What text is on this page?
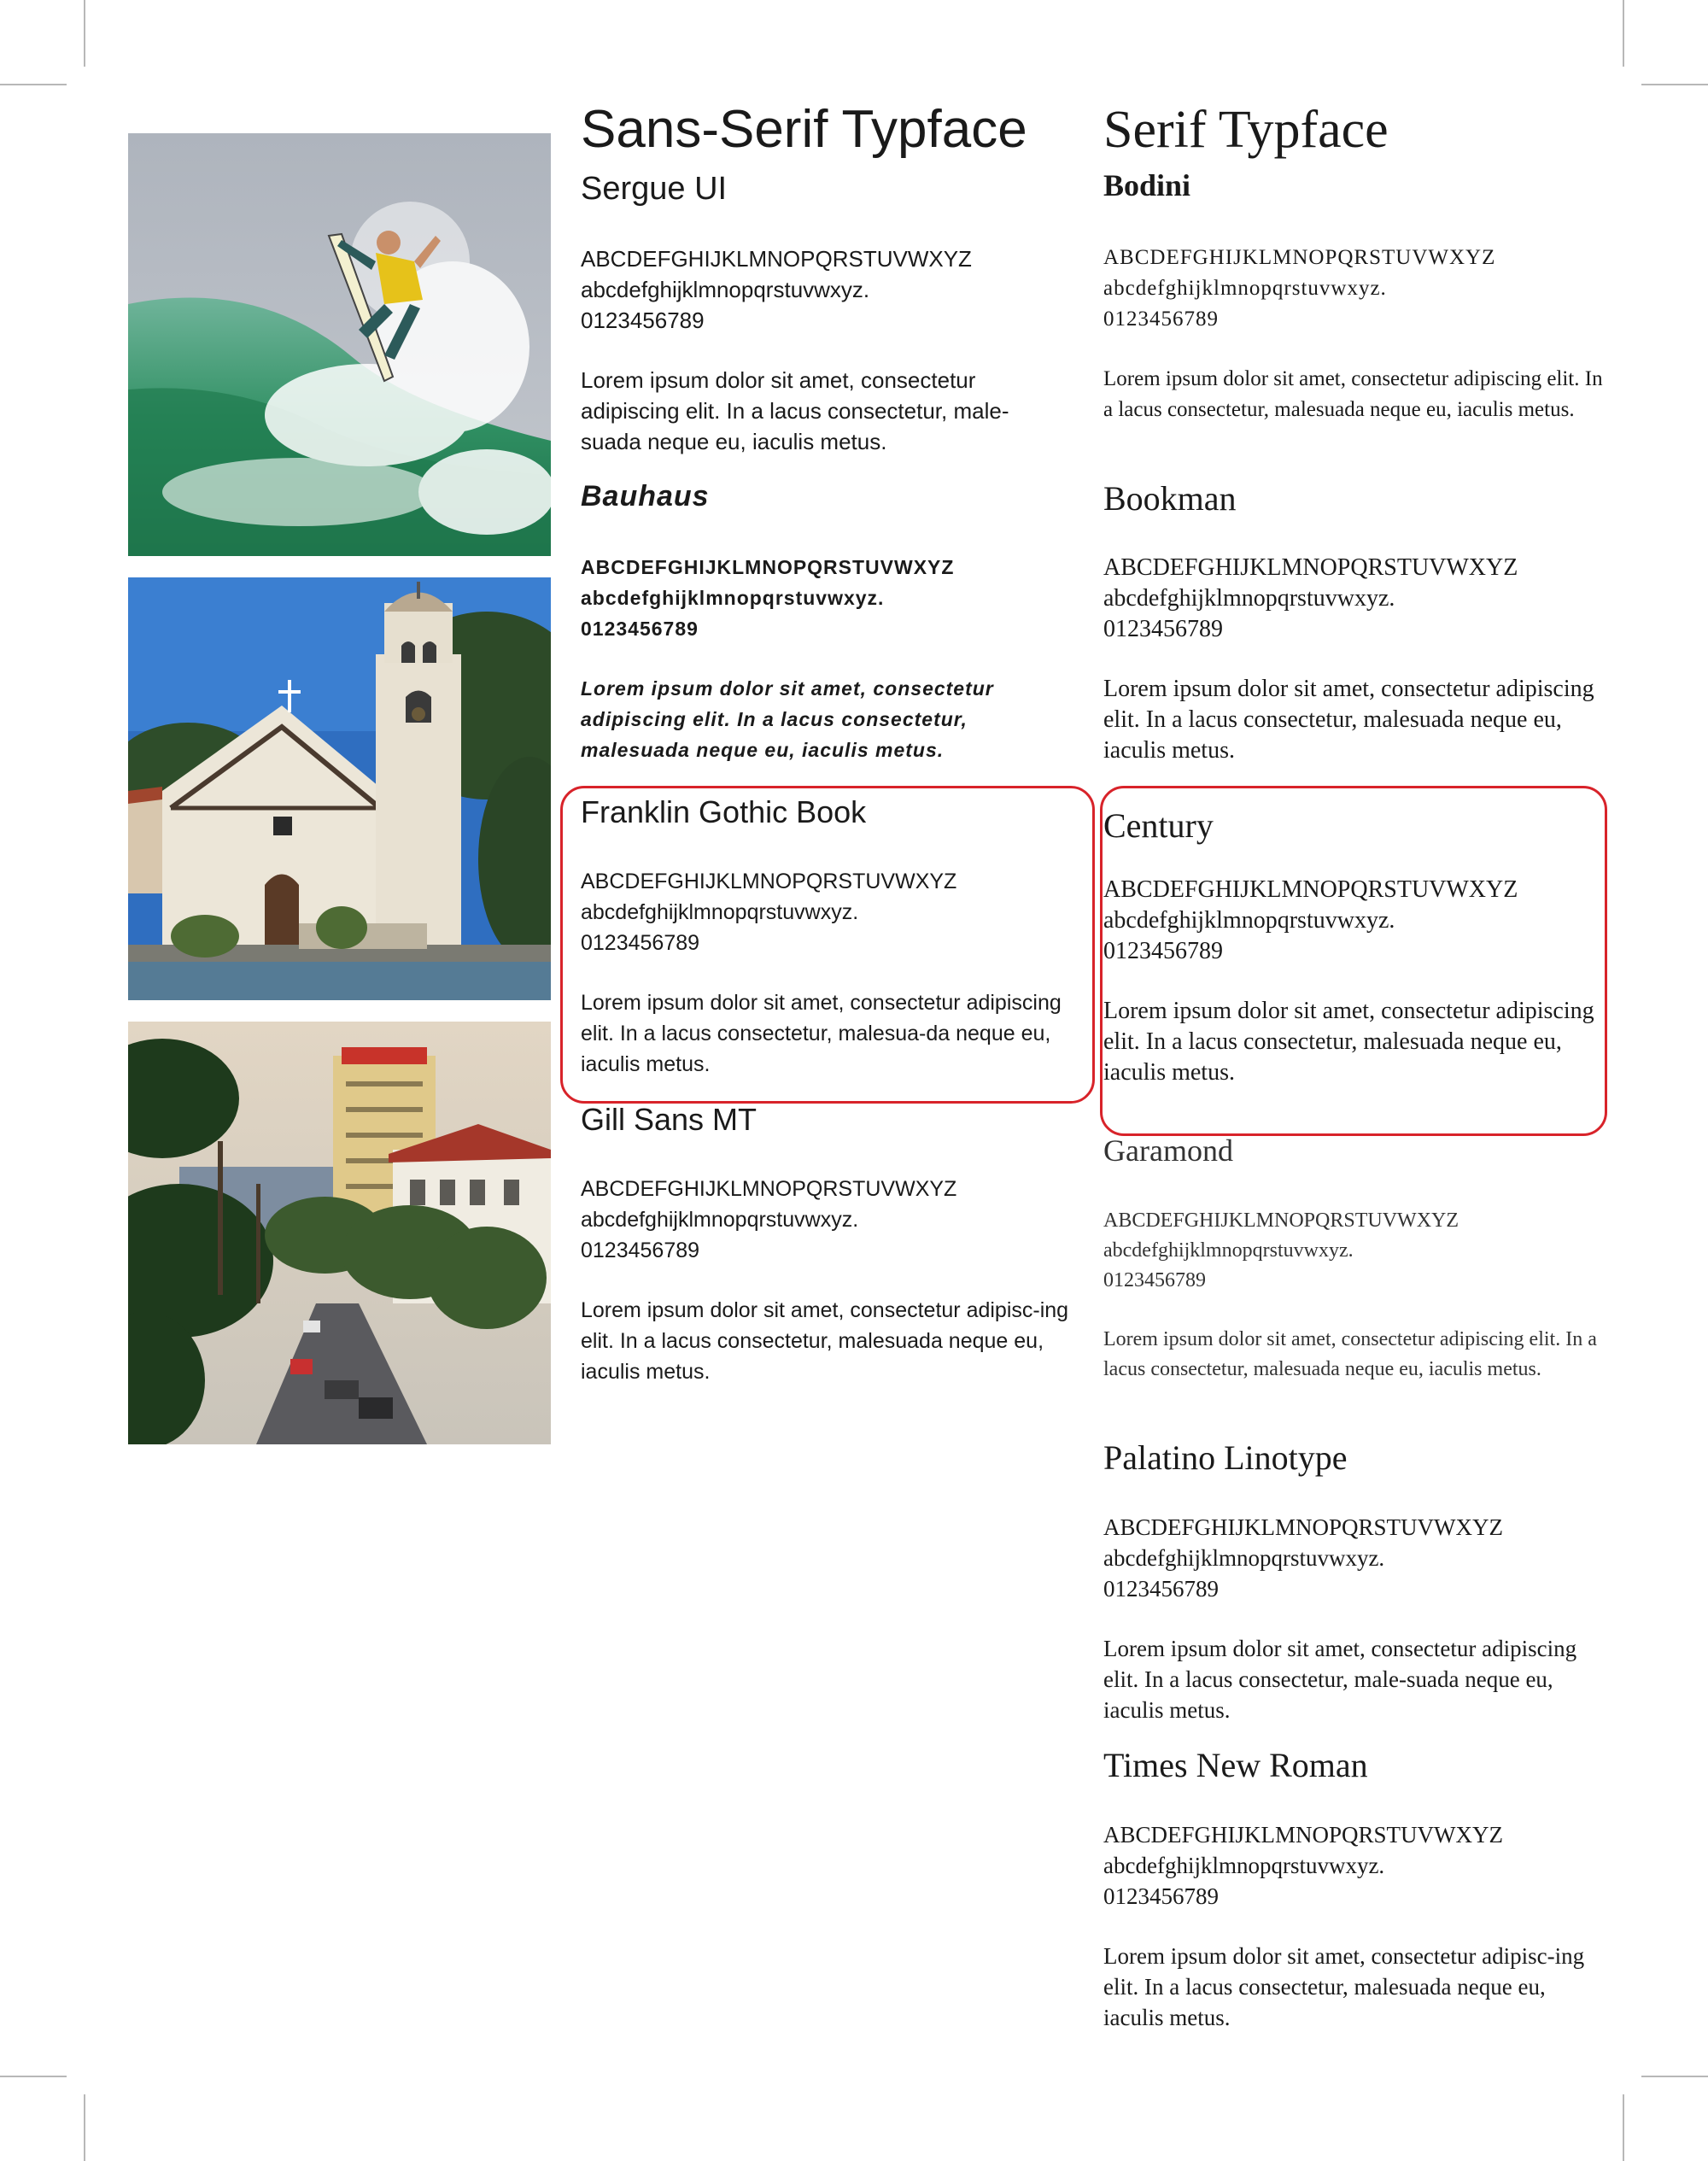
Sans-Serif Typface
Sergue UI
ABCDEFGHIJKLMNOPQRSTUVWXYZ
abcdefghijklmnopqrstuvwxyz.
0123456789

Lorem ipsum dolor sit amet, consectetur adipiscing elit. In a lacus consectetur, male-suada neque eu, iaculis metus.

Bauhaus
ABCDEFGHIJKLMNOPQRSTUVWXYZ
abcdefghijklmnopqrstuvwxyz.
0123456789

Lorem ipsum dolor sit amet, consectetur adipiscing elit. In a lacus consectetur, malesuada neque eu, iaculis metus.

Franklin Gothic Book
ABCDEFGHIJKLMNOPQRSTUVWXYZ
abcdefghijklmnopqrstuvwxyz.
0123456789

Lorem ipsum dolor sit amet, consectetur adipiscing elit. In a lacus consectetur, malesua-da neque eu, iaculis metus.

Gill Sans MT
ABCDEFGHIJKLMNOPQRSTUVWXYZ
abcdefghijklmnopqrstuvwxyz.
0123456789

Lorem ipsum dolor sit amet, consectetur adipisc-ing elit. In a lacus consectetur, malesuada neque eu, iaculis metus.

Serif Typface
Bodini
ABCDEFGHIJKLMNOPQRSTUVWXYZ
abcdefghijklmnopqrstuvwxyz.
0123456789

Lorem ipsum dolor sit amet, consectetur adipiscing elit. In a lacus consectetur, malesuada neque eu, iaculis metus.

Bookman
ABCDEFGHIJKLMNOPQRSTUVWXYZ
abcdefghijklmnopqrstuvwxyz.
0123456789

Lorem ipsum dolor sit amet, consectetur adipiscing elit. In a lacus consectetur, malesuada neque eu, iaculis metus.

Century
ABCDEFGHIJKLMNOPQRSTUVWXYZ
abcdefghijklmnopqrstuvwxyz.
0123456789

Lorem ipsum dolor sit amet, consectetur adipiscing elit. In a lacus consectetur, malesuada neque eu, iaculis metus.

Garamond
ABCDEFGHIJKLMNOPQRSTUVWXYZ
abcdefghijklmnopqrstuvwxyz.
0123456789

Lorem ipsum dolor sit amet, consectetur adipiscing elit. In a lacus consectetur, malesuada neque eu, iaculis metus.

Palatino Linotype
ABCDEFGHIJKLMNOPQRSTUVWXYZ
abcdefghijklmnopqrstuvwxyz.
0123456789

Lorem ipsum dolor sit amet, consectetur adipiscing elit. In a lacus consectetur, male-suada neque eu, iaculis metus.

Times New Roman
ABCDEFGHIJKLMNOPQRSTUVWXYZ
abcdefghijklmnopqrstuvwxyz.
0123456789

Lorem ipsum dolor sit amet, consectetur adipisc-ing elit. In a lacus consectetur, malesuada neque eu, iaculis metus.
